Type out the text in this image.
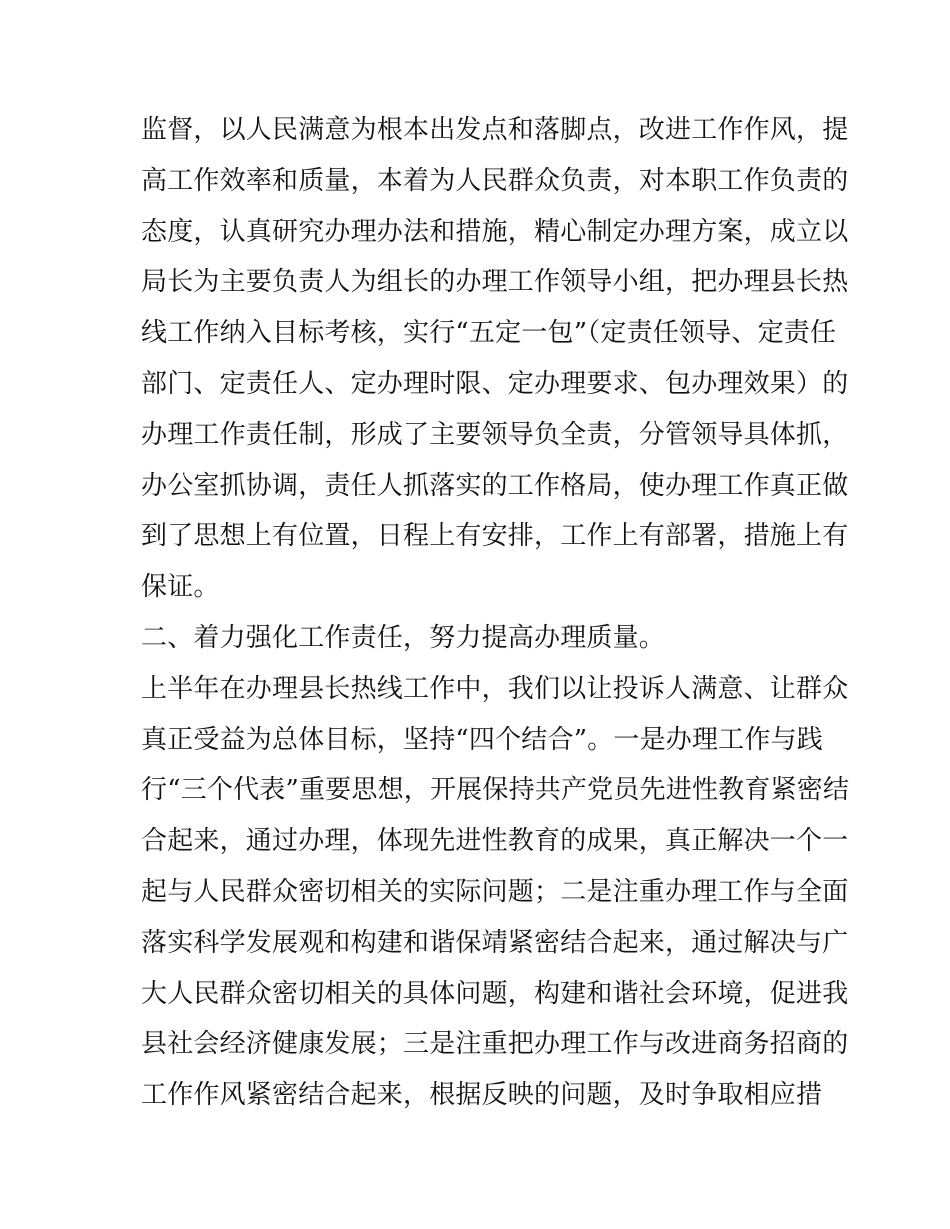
监督，以人民满意为根本出发点和落脚点，改进工作作风，提
高工作效率和质量，本着为人民群众负责，对本职工作负责的
态度，认真研究办理办法和措施，精心制定办理方案，成立以
局长为主要负责人为组长的办理工作领导小组，把办理县长热
线工作纳入目标考核，实行“五定一包”（定责任领导、定责任
部门、定责任人、定办理时限、定办理要求、包办理效果）的
办理工作责任制，形成了主要领导负全责，分管领导具体抓，
办公室抓协调，责任人抓落实的工作格局，使办理工作真正做
到了思想上有位置，日程上有安排，工作上有部署，措施上有
保证。
二、着力强化工作责任，努力提高办理质量。
上半年在办理县长热线工作中，我们以让投诉人满意、让群众
真正受益为总体目标，坚持“四个结合”。一是办理工作与践
行“三个代表”重要思想，开展保持共产党员先进性教育紧密结
合起来，通过办理，体现先进性教育的成果，真正解决一个一
起与人民群众密切相关的实际问题；二是注重办理工作与全面
落实科学发展观和构建和谐保靖紧密结合起来，通过解决与广
大人民群众密切相关的具体问题，构建和谐社会环境，促进我
县社会经济健康发展；三是注重把办理工作与改进商务招商的
工作作风紧密结合起来，根据反映的问题，及时争取相应措
